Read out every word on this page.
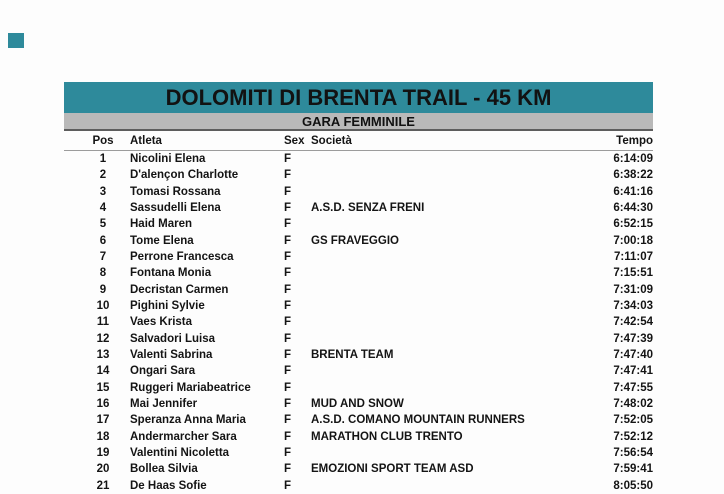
DOLOMITI DI BRENTA TRAIL - 45 KM
GARA FEMMINILE
Pos	Atleta	Sex Società	Tempo
1	Nicolini Elena	F	6:14:09
2	D'alençon Charlotte	F	6:38:22
3	Tomasi Rossana	F	6:41:16
4	Sassudelli Elena	F A.S.D. SENZA FRENI	6:44:30
5	Haid Maren	F	6:52:15
6	Tome Elena	F GS FRAVEGGIO	7:00:18
7	Perrone Francesca	F	7:11:07
8	Fontana Monia	F	7:15:51
9	Decristan Carmen	F	7:31:09
10	Pighini Sylvie	F	7:34:03
11	Vaes Krista	F	7:42:54
12	Salvadori Luisa	F	7:47:39
13	Valenti Sabrina	F BRENTA TEAM	7:47:40
14	Ongari Sara	F	7:47:41
15	Ruggeri Mariabeatrice	F	7:47:55
16	Mai Jennifer	F MUD AND SNOW	7:48:02
17	Speranza Anna Maria	F A.S.D. COMANO MOUNTAIN RUNNERS	7:52:05
18	Andermarcher Sara	F MARATHON CLUB TRENTO	7:52:12
19	Valentini Nicoletta	F	7:56:54
20	Bollea Silvia	F EMOZIONI SPORT TEAM ASD	7:59:41
21	De Haas Sofie	F	8:05:50
